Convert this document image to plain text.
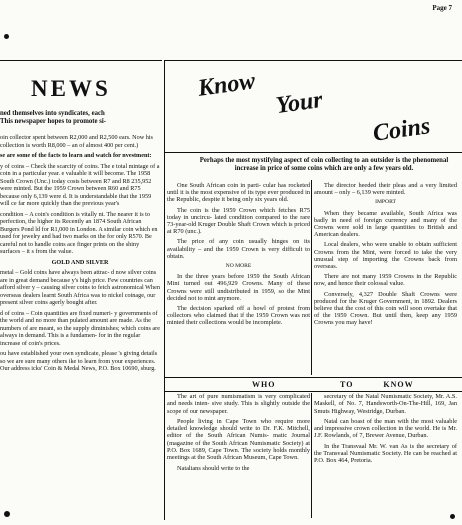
Page 7
NEWS
ned themselves into syndicates, each
This newspaper hopes to promote si-

oin collector spent between R2,000 and R2,500 ears. Now his collection is worth R8,000 – an of almost 400 per cent.)

se are some of the facts to learn and watch for nvestment:

y of coins – Check the scarcity of coins. The e total mintage of a coin in a particular year. e valuable it will become. The 1958 South Crown (Unc.) today costs between R7 and R8 235,952 were minted. But the 1959 Crown between R60 and R75 because only 6,139 were d. It is understandable that the 1959 will ce far more quickly than the previous year's

condition – A coin's condition is vitally nt. The nearer it is to perfection, the higher its Recently an 1874 South African Burgers Pond ld for R1,000 in London. A similar coin which en used for jewelry and had two marks on the for only R570. Be careful not to handle coins ace finger prints on the shiny surfaces – it s from the value.

GOLD AND SILVER

metal – Gold coins have always been attrac- d now silver coins are in great demand because y's high price. Few countries can afford silver y – causing silver coins to fetch astronomical When overseas dealers learnt South Africa was to nickel coinage, our present silver coins agerly bought after.

d of coins – Coin quantities are fixed numeri- y governments of the world and no more than pulated amount are made. As the numbers of are meant, so the supply diminishes; which coins are always in demand. This is a fundamen- for in the regular increase of coin's prices.

ou have established your own syndicate, please 's giving details so we are sure many others ike to learn from your experiences. Our address icks' Coin & Medal News, P.O. Box 10690, sburg.

Know
Your
Coins
Perhaps the most mystifying aspect of coin collecting to an outsider is the phenomenal increase in price of some coins which are only a few years old.

One South African coin in parti- cular has rocketed until it is the most expensive of its type ever produced in the Republic, despite it being only six years old.

The coin is the 1959 Crown which fetches R75 today in uncircu- lated condition compared to the rare 73-year-old Kruger Double Shaft Crown which is priced at R70 (unc.).

The price of any coin usually hinges on its availability – and the 1959 Crown is very difficult to obtain.

NO MORE

In the three years before 1959 the South African Mint turned out 496,929 Crowns. Many of these Crowns were still undistributed in 1959, so the Mint decided not to mint anymore.

The decision sparked off a howl of protest from collectors who claimed that if the 1959 Crown was not minted their collections would be incomplete.

The director heeded their pleas and a very limited amount – only – 6,139 were minted.

IMPORT

When they became available, South Africa was badly in need of foreign currency and many of the Crowns were sold in large quantities to British and American dealers.

Local dealers, who were unable to obtain sufficient Crowns from the Mint, were forced to take the very unusual step of importing the Crowns back from overseas.

There are not many 1959 Crowns in the Republic now, and hence their colossal value.

Conversely, 4,327 Double Shaft Crowns were produced for the Kruger Government, in 1892. Dealers believe that the cost of this coin will soon overtake that of the 1959 Crown. But until then, keep any 1959 Crowns you may have!

WHO	TO	KNOW

The art of pure numismatism is very complicated and needs inten- sive study. This is slightly outside the scope of our newspaper.

People living in Cape Town who require more detailed knowledge should write to Dr. F.K. Mitchell, editor of the South African Numis- matic Journal (magazine of the South African Numismatic Society) at P.O. Box 1689, Cape Town. The society holds monthly meetings at the South African Museum, Cape Town.

Natalians should write to the

secretary of the Natal Numismatic Society, Mr. A.S. Maskell, of No. 7, Handsworth-On-The-Hill, 169, Jan Smuts Highway, Westridge, Durban.

Natal can boast of the man with the most valuable and impressive crown collection in the world. He is Mr. J.F. Rowlands, of 7, Brewer Avenue, Durban.

In the Transvaal Mr. W. van As is the secretary of the Transvaal Numismatic Society. He can be reached at P.O. Box 464, Pretoria.
